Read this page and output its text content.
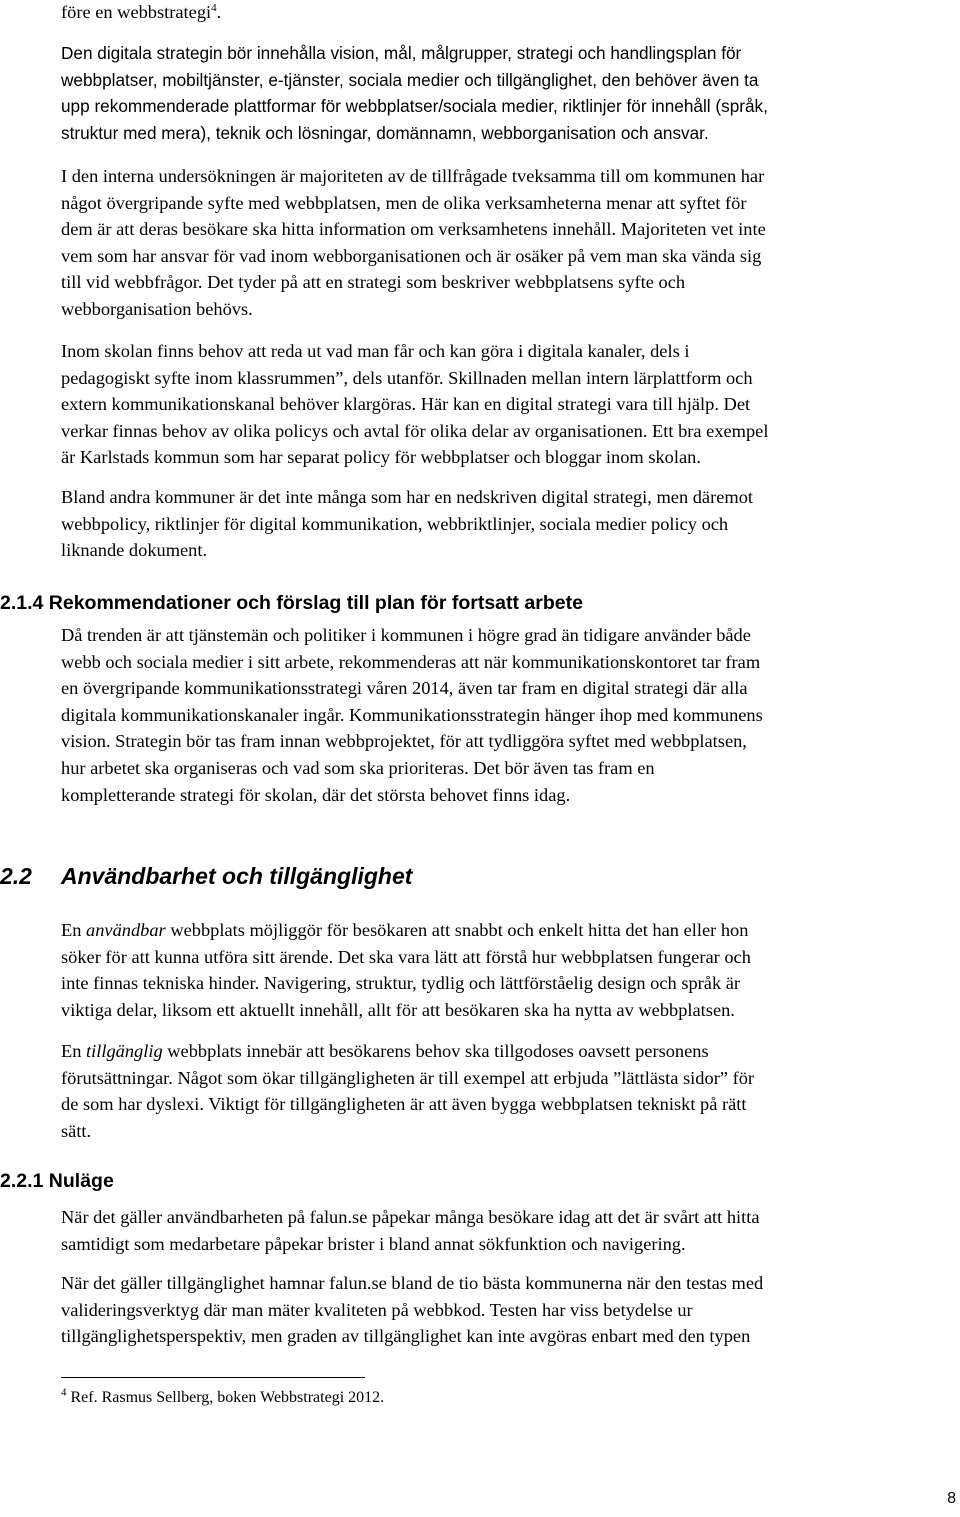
före en webbstrategi$^4$.
Den digitala strategin bör innehålla vision, mål, målgrupper, strategi och handlingsplan för
webbplatser, mobiltjänster, e-tjänster, sociala medier och tillgänglighet, den behöver även ta
upp rekommenderade plattformar för webbplatser/sociala medier, riktlinjer för innehåll (språk,
struktur med mera), teknik och lösningar, domännamn, webborganisation och ansvar.
I den interna undersökningen är majoriteten av de tillfrågade tveksamma till om kommunen har
något övergripande syfte med webbplatsen, men de olika verksamheterna menar att syftet för
dem är att deras besökare ska hitta information om verksamhetens innehåll. Majoriteten vet inte
vem som har ansvar för vad inom webborganisationen och är osäker på vem man ska vända sig
till vid webbfrågor. Det tyder på att en strategi som beskriver webbplatsens syfte och
webborganisation behövs.
Inom skolan finns behov att reda ut vad man får och kan göra i digitala kanaler, dels i
pedagogiskt syfte inom klassrummen”, dels utanför. Skillnaden mellan intern lärplattform och
extern kommunikationskanal behöver klargöras. Här kan en digital strategi vara till hjälp. Det
verkar finnas behov av olika policys och avtal för olika delar av organisationen. Ett bra exempel
är Karlstads kommun som har separat policy för webbplatser och bloggar inom skolan.
Bland andra kommuner är det inte många som har en nedskriven digital strategi, men däremot
webbpolicy, riktlinjer för digital kommunikation, webbriktlinjer, sociala medier policy och
liknande dokument.
2.1.4 Rekommendationer och förslag till plan för fortsatt arbete
Då trenden är att tjänstemän och politiker i kommunen i högre grad än tidigare använder både
webb och sociala medier i sitt arbete, rekommenderas att när kommunikationskontoret tar fram
en övergripande kommunikationsstrategi våren 2014, även tar fram en digital strategi där alla
digitala kommunikationskanaler ingår. Kommunikationsstrategin hänger ihop med kommunens
vision. Strategin bör tas fram innan webbprojektet, för att tydliggöra syftet med webbplatsen,
hur arbetet ska organiseras och vad som ska prioriteras. Det bör även tas fram en
kompletterande strategi för skolan, där det största behovet finns idag.
2.2 Användbarhet och tillgänglighet
En användbar webbplats möjliggör för besökaren att snabbt och enkelt hitta det han eller hon
söker för att kunna utföra sitt ärende. Det ska vara lätt att förstå hur webbplatsen fungerar och
inte finnas tekniska hinder. Navigering, struktur, tydlig och lättförståelig design och språk är
viktiga delar, liksom ett aktuellt innehåll, allt för att besökaren ska ha nytta av webbplatsen.
En tillgänglig webbplats innebär att besökarens behov ska tillgodoses oavsett personens
förutsättningar. Något som ökar tillgängligheten är till exempel att erbjuda ”lättlästa sidor” för
de som har dyslexi. Viktigt för tillgängligheten är att även bygga webbplatsen tekniskt på rätt
sätt.
2.2.1 Nuläge
När det gäller användbarheten på falun.se påpekar många besökare idag att det är svårt att hitta
samtidigt som medarbetare påpekar brister i bland annat sökfunktion och navigering.
När det gäller tillgänglighet hamnar falun.se bland de tio bästa kommunerna när den testas med
valideringsverktyg där man mäter kvaliteten på webbkod. Testen har viss betydelse ur
tillgänglighetsperspektiv, men graden av tillgänglighet kan inte avgöras enbart med den typen
$^4$ Ref. Rasmus Sellberg, boken Webbstrategi 2012.
8
